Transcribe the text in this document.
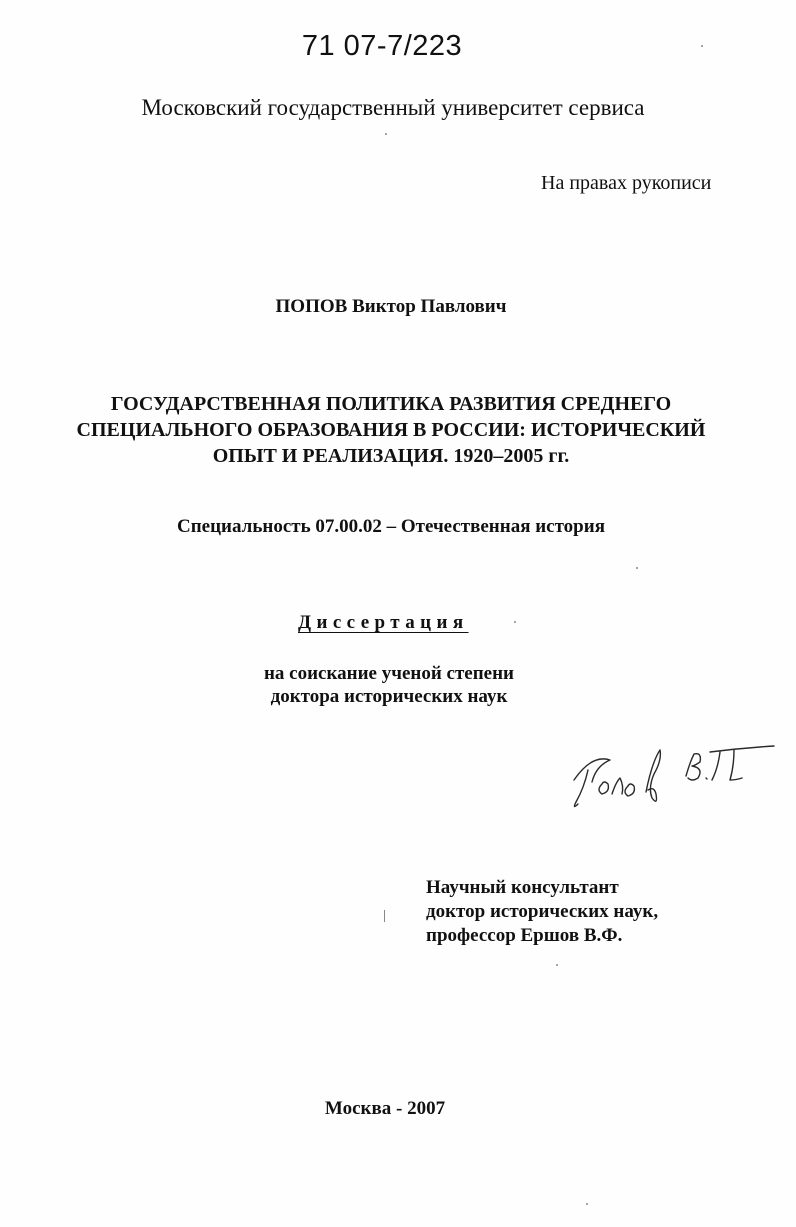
71 07-7/223
Московский государственный университет сервиса
На правах рукописи
ПОПОВ Виктор Павлович
ГОСУДАРСТВЕННАЯ ПОЛИТИКА РАЗВИТИЯ СРЕДНЕГО
СПЕЦИАЛЬНОГО ОБРАЗОВАНИЯ В РОССИИ: ИСТОРИЧЕСКИЙ
ОПЫТ И РЕАЛИЗАЦИЯ. 1920–2005 гг.
Специальность 07.00.02 – Отечественная история
Диссертация
на соискание ученой степени
доктора исторических наук
Научный консультант
доктор исторических наук,
профессор Ершов В.Ф.
Москва - 2007
